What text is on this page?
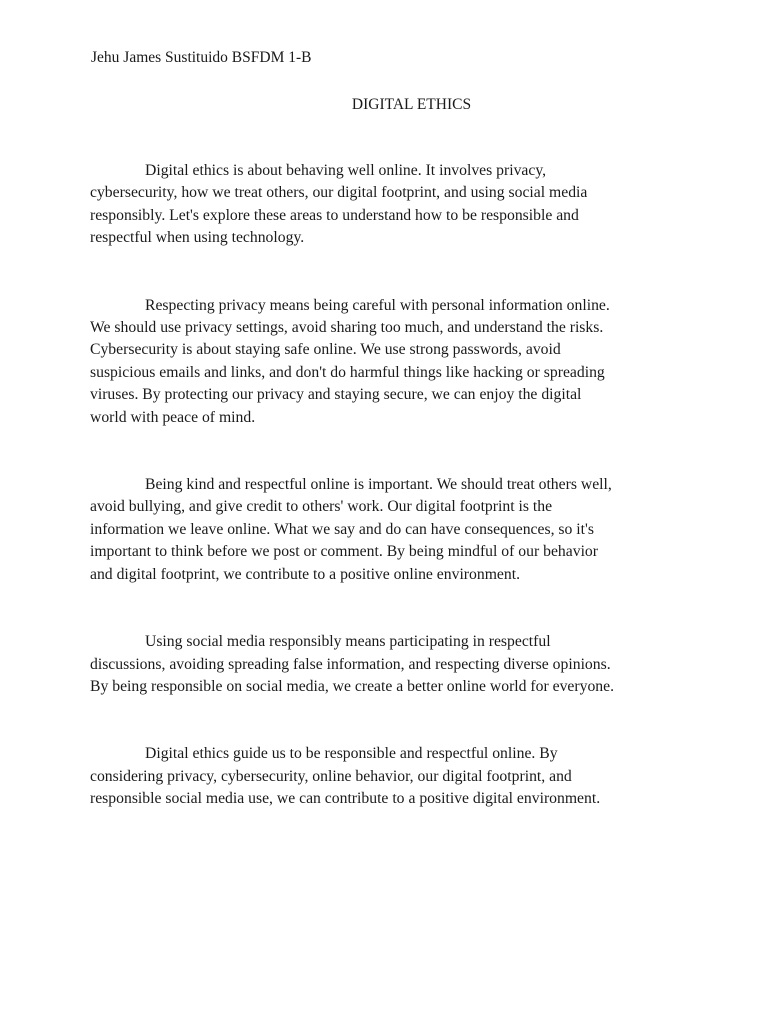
Jehu James Sustituido BSFDM 1-B
DIGITAL ETHICS

Digital ethics is about behaving well online. It involves privacy,
cybersecurity, how we treat others, our digital footprint, and using social media
responsibly. Let's explore these areas to understand how to be responsible and
respectful when using technology.

Respecting privacy means being careful with personal information online.
We should use privacy settings, avoid sharing too much, and understand the risks.
Cybersecurity is about staying safe online. We use strong passwords, avoid
suspicious emails and links, and don't do harmful things like hacking or spreading
viruses. By protecting our privacy and staying secure, we can enjoy the digital
world with peace of mind.

Being kind and respectful online is important. We should treat others well,
avoid bullying, and give credit to others' work. Our digital footprint is the
information we leave online. What we say and do can have consequences, so it's
important to think before we post or comment. By being mindful of our behavior
and digital footprint, we contribute to a positive online environment.

Using social media responsibly means participating in respectful
discussions, avoiding spreading false information, and respecting diverse opinions.
By being responsible on social media, we create a better online world for everyone.

Digital ethics guide us to be responsible and respectful online. By
considering privacy, cybersecurity, online behavior, our digital footprint, and
responsible social media use, we can contribute to a positive digital environment.
